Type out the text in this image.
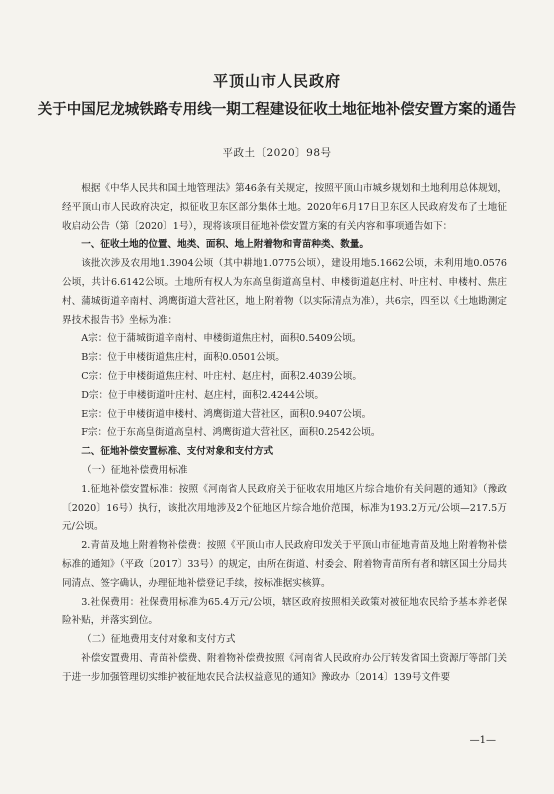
平顶山市人民政府
关于中国尼龙城铁路专用线一期工程建设征收土地征地补偿安置方案的通告
平政土〔2020〕98号

根据《中华人民共和国土地管理法》第46条有关规定，按照平顶山市城乡规划和土地利用总体规划，经平顶山市人民政府决定，拟征收卫东区部分集体土地。2020年6月17日卫东区人民政府发布了土地征收启动公告（第〔2020〕1号），现将该项目征地补偿安置方案的有关内容和事项通告如下：

一、征收土地的位置、地类、面积、地上附着物和青苗种类、数量。

该批次涉及农用地1.3904公顷（其中耕地1.0775公顷），建设用地5.1662公顷，未利用地0.0576公顷，共计6.6142公顷。土地所有权人为东高皇街道高皇村、申楼街道赵庄村、叶庄村、申楼村、焦庄村、蒲城街道辛南村、鸿鹰街道大营社区，地上附着物（以实际清点为准），共6宗，四至以《土地勘测定界技术报告书》坐标为准：

A宗：位于蒲城街道辛南村、申楼街道焦庄村，面积0.5409公顷。

B宗：位于申楼街道焦庄村，面积0.0501公顷。

C宗：位于申楼街道焦庄村、叶庄村、赵庄村，面积2.4039公顷。

D宗：位于申楼街道叶庄村、赵庄村，面积2.4244公顷。

E宗：位于申楼街道申楼村、鸿鹰街道大营社区，面积0.9407公顷。

F宗：位于东高皇街道高皇村、鸿鹰街道大营社区，面积0.2542公顷。

二、征地补偿安置标准、支付对象和支付方式

（一）征地补偿费用标准

1.征地补偿安置标准：按照《河南省人民政府关于征收农用地区片综合地价有关问题的通知》（豫政〔2020〕16号）执行，该批次用地涉及2个征地区片综合地价范围，标准为193.2万元/公顷—217.5万元/公顷。

2.青苗及地上附着物补偿费：按照《平顶山市人民政府印发关于平顶山市征地青苗及地上附着物补偿标准的通知》（平政〔2017〕33号）的规定，由所在街道、村委会、附着物青苗所有者和辖区国土分局共同清点、签字确认，办理征地补偿登记手续，按标准据实核算。

3.社保费用：社保费用标准为65.4万元/公顷，辖区政府按照相关政策对被征地农民给予基本养老保险补贴，并落实到位。

（二）征地费用支付对象和支付方式

补偿安置费用、青苗补偿费、附着物补偿费按照《河南省人民政府办公厅转发省国土资源厅等部门关于进一步加强管理切实维护被征地农民合法权益意见的通知》豫政办〔2014〕139号文件要

—1—
